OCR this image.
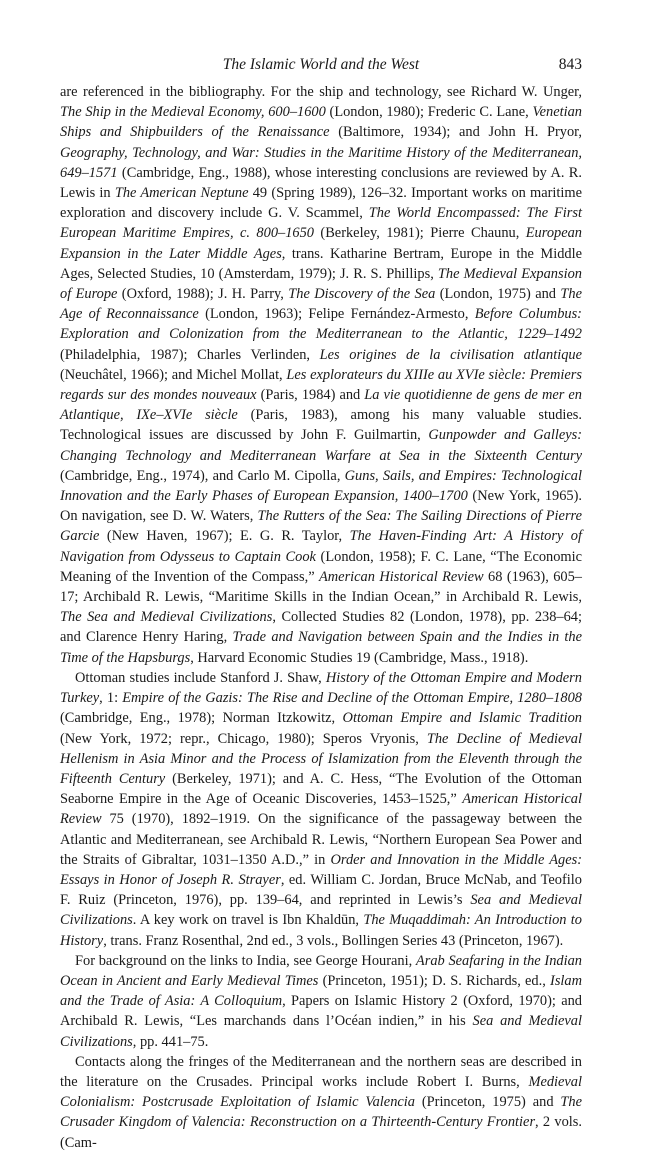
The Islamic World and the West	843

are referenced in the bibliography. For the ship and technology, see Richard W. Unger, The Ship in the Medieval Economy, 600–1600 (London, 1980); Frederic C. Lane, Venetian Ships and Shipbuilders of the Renaissance (Baltimore, 1934); and John H. Pryor, Geography, Technology, and War: Studies in the Maritime History of the Mediterranean, 649–1571 (Cambridge, Eng., 1988), whose interesting conclusions are reviewed by A. R. Lewis in The American Neptune 49 (Spring 1989), 126–32. Important works on maritime exploration and discovery include G. V. Scammel, The World Encompassed: The First European Maritime Empires, c. 800–1650 (Berkeley, 1981); Pierre Chaunu, European Expansion in the Later Middle Ages, trans. Katharine Bertram, Europe in the Middle Ages, Selected Studies, 10 (Amsterdam, 1979); J. R. S. Phillips, The Medieval Expansion of Europe (Oxford, 1988); J. H. Parry, The Discovery of the Sea (London, 1975) and The Age of Reconnaissance (London, 1963); Felipe Fernández-Armesto, Before Columbus: Exploration and Colonization from the Mediterranean to the Atlantic, 1229–1492 (Philadelphia, 1987); Charles Verlinden, Les origines de la civilisation atlantique (Neuchâtel, 1966); and Michel Mollat, Les explorateurs du XIIIe au XVIe siècle: Premiers regards sur des mondes nouveaux (Paris, 1984) and La vie quotidienne de gens de mer en Atlantique, IXe–XVIe siècle (Paris, 1983), among his many valuable studies. Technological issues are discussed by John F. Guilmartin, Gunpowder and Galleys: Changing Technology and Mediterranean Warfare at Sea in the Sixteenth Century (Cambridge, Eng., 1974), and Carlo M. Cipolla, Guns, Sails, and Empires: Technological Innovation and the Early Phases of European Expansion, 1400–1700 (New York, 1965). On navigation, see D. W. Waters, The Rutters of the Sea: The Sailing Directions of Pierre Garcie (New Haven, 1967); E. G. R. Taylor, The Haven-Finding Art: A History of Navigation from Odysseus to Captain Cook (London, 1958); F. C. Lane, “The Economic Meaning of the Invention of the Compass,” American Historical Review 68 (1963), 605–17; Archibald R. Lewis, “Maritime Skills in the Indian Ocean,” in Archibald R. Lewis, The Sea and Medieval Civilizations, Collected Studies 82 (London, 1978), pp. 238–64; and Clarence Henry Haring, Trade and Navigation between Spain and the Indies in the Time of the Hapsburgs, Harvard Economic Studies 19 (Cambridge, Mass., 1918).

Ottoman studies include Stanford J. Shaw, History of the Ottoman Empire and Modern Turkey, 1: Empire of the Gazis: The Rise and Decline of the Ottoman Empire, 1280–1808 (Cambridge, Eng., 1978); Norman Itzkowitz, Ottoman Empire and Islamic Tradition (New York, 1972; repr., Chicago, 1980); Speros Vryonis, The Decline of Medieval Hellenism in Asia Minor and the Process of Islamization from the Eleventh through the Fifteenth Century (Berkeley, 1971); and A. C. Hess, “The Evolution of the Ottoman Seaborne Empire in the Age of Oceanic Discoveries, 1453–1525,” American Historical Review 75 (1970), 1892–1919. On the significance of the passageway between the Atlantic and Mediterranean, see Archibald R. Lewis, “Northern European Sea Power and the Straits of Gibraltar, 1031–1350 A.D.,” in Order and Innovation in the Middle Ages: Essays in Honor of Joseph R. Strayer, ed. William C. Jordan, Bruce McNab, and Teofilo F. Ruiz (Princeton, 1976), pp. 139–64, and reprinted in Lewis’s Sea and Medieval Civilizations. A key work on travel is Ibn Khaldūn, The Muqaddimah: An Introduction to History, trans. Franz Rosenthal, 2nd ed., 3 vols., Bollingen Series 43 (Princeton, 1967).

For background on the links to India, see George Hourani, Arab Seafaring in the Indian Ocean in Ancient and Early Medieval Times (Princeton, 1951); D. S. Richards, ed., Islam and the Trade of Asia: A Colloquium, Papers on Islamic History 2 (Oxford, 1970); and Archibald R. Lewis, “Les marchands dans l’Océan indien,” in his Sea and Medieval Civilizations, pp. 441–75.

Contacts along the fringes of the Mediterranean and the northern seas are described in the literature on the Crusades. Principal works include Robert I. Burns, Medieval Colonialism: Postcrusade Exploitation of Islamic Valencia (Princeton, 1975) and The Crusader Kingdom of Valencia: Reconstruction on a Thirteenth-Century Frontier, 2 vols. (Cam-
